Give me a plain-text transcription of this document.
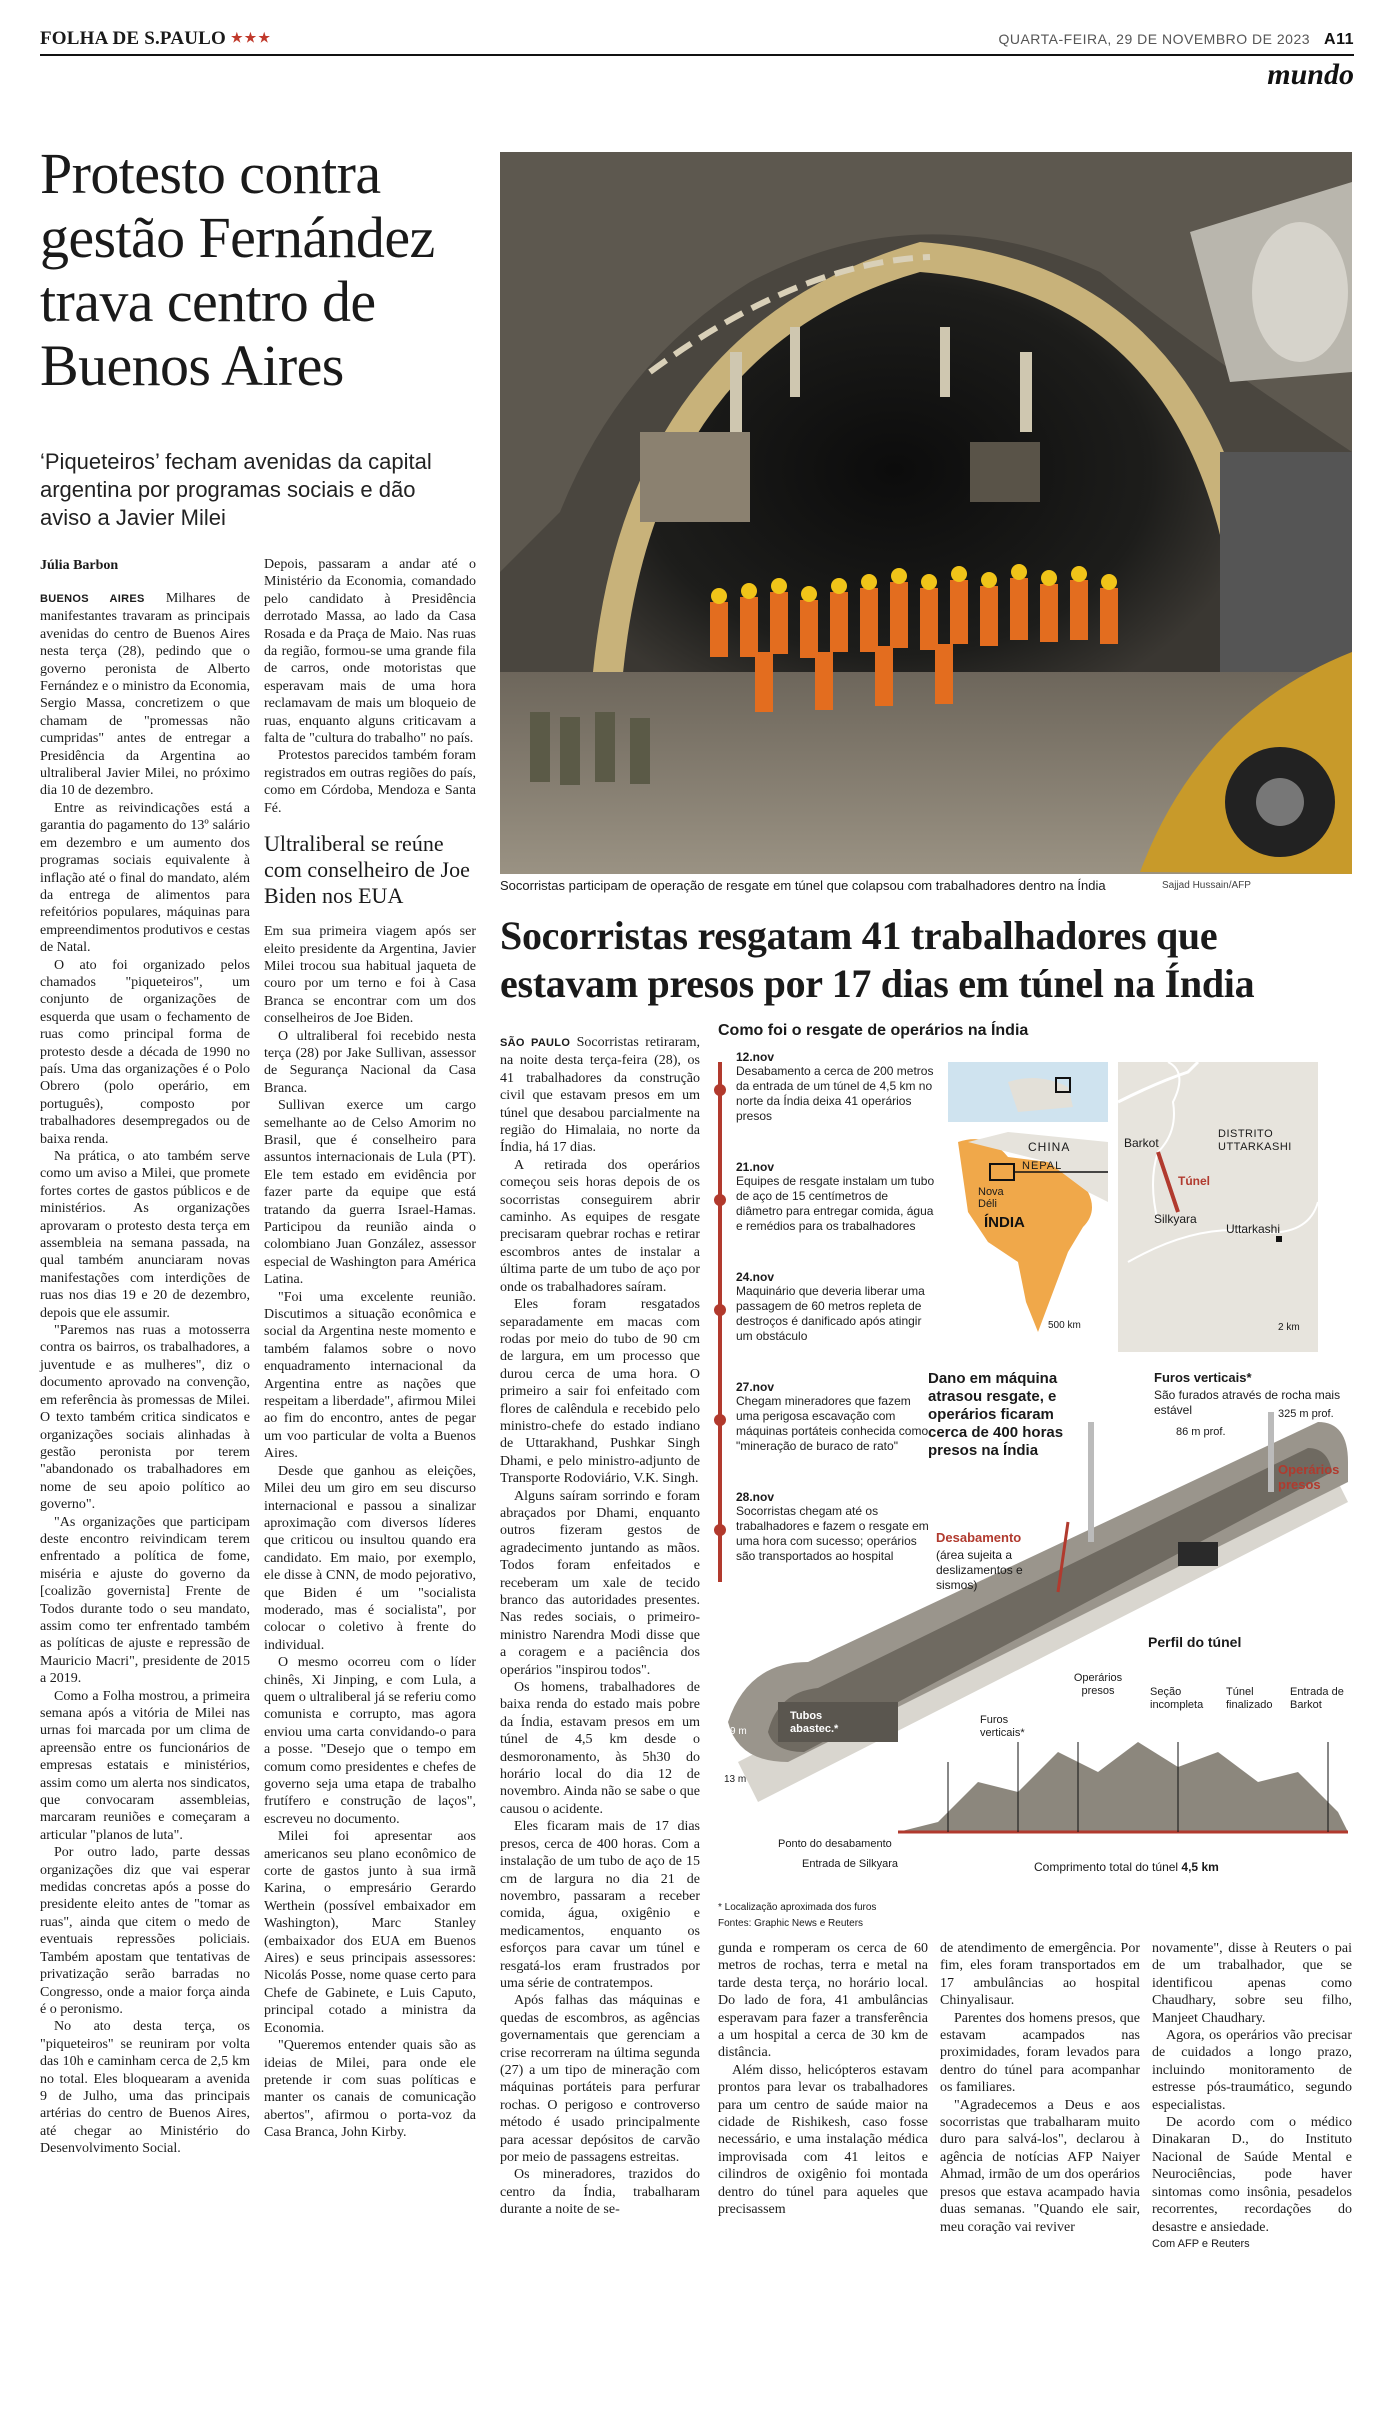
FOLHA DE S.PAULO ★★★	QUARTA-FEIRA, 29 DE NOVEMBRO DE 2023 A11
mundo
Protesto contra gestão Fernández trava centro de Buenos Aires
‘Piqueteiros’ fecham avenidas da capital argentina por programas sociais e dão aviso a Javier Milei
Júlia Barbon

BUENOS AIRES Milhares de manifestantes travaram as principais avenidas do centro de Buenos Aires nesta terça (28), pedindo que o governo peronista de Alberto Fernández e o ministro da Economia, Sergio Massa, concretizem o que chamam de "promessas não cumpridas" antes de entregar a Presidência da Argentina ao ultraliberal Javier Milei, no próximo dia 10 de dezembro.

Entre as reivindicações está a garantia do pagamento do 13º salário em dezembro e um aumento dos programas sociais equivalente à inflação até o final do mandato, além da entrega de alimentos para refeitórios populares, máquinas para empreendimentos produtivos e cestas de Natal.

O ato foi organizado pelos chamados "piqueteiros", um conjunto de organizações de esquerda que usam o fechamento de ruas como principal forma de protesto desde a década de 1990 no país. Uma das organizações é o Polo Obrero (polo operário, em português), composto por trabalhadores desempregados ou de baixa renda.

Na prática, o ato também serve como um aviso a Milei, que promete fortes cortes de gastos públicos e de ministérios. As organizações aprovaram o protesto desta terça em assembleia na semana passada, na qual também anunciaram novas manifestações com interdições de ruas nos dias 19 e 20 de dezembro, depois que ele assumir.

"Paremos nas ruas a motosserra contra os bairros, os trabalhadores, a juventude e as mulheres", diz o documento aprovado na convenção, em referência às promessas de Milei. O texto também critica sindicatos e organizações sociais alinhadas à gestão peronista por terem "abandonado os trabalhadores em nome de seu apoio político ao governo".

"As organizações que participam deste encontro reivindicam terem enfrentado a política de fome, miséria e ajuste do governo da [coalizão governista] Frente de Todos durante todo o seu mandato, assim como ter enfrentado também as políticas de ajuste e repressão de Mauricio Macri", presidente de 2015 a 2019.

Como a Folha mostrou, a primeira semana após a vitória de Milei nas urnas foi marcada por um clima de apreensão entre os funcionários de empresas estatais e ministérios, assim como um alerta nos sindicatos, que convocaram assembleias, marcaram reuniões e começaram a articular "planos de luta".

Por outro lado, parte dessas organizações diz que vai esperar medidas concretas após a posse do presidente eleito antes de "tomar as ruas", ainda que citem o medo de eventuais repressões policiais. Também apostam que tentativas de privatização serão barradas no Congresso, onde a maior força ainda é o peronismo.

No ato desta terça, os "piqueteiros" se reuniram por volta das 10h e caminham cerca de 2,5 km no total. Eles bloquearam a avenida 9 de Julho, uma das principais artérias do centro de Buenos Aires, até chegar ao Ministério do Desenvolvimento Social.

Depois, passaram a andar até o Ministério da Economia, comandado pelo candidato à Presidência derrotado Massa, ao lado da Casa Rosada e da Praça de Maio. Nas ruas da região, formou-se uma grande fila de carros, onde motoristas que esperavam mais de uma hora reclamavam de mais um bloqueio de ruas, enquanto alguns criticavam a falta de "cultura do trabalho" no país.

Protestos parecidos também foram registrados em outras regiões do país, como em Córdoba, Mendoza e Santa Fé.

Ultraliberal se reúne com conselheiro de Joe Biden nos EUA

Em sua primeira viagem após ser eleito presidente da Argentina, Javier Milei trocou sua habitual jaqueta de couro por um terno e foi à Casa Branca se encontrar com um dos conselheiros de Joe Biden.

O ultraliberal foi recebido nesta terça (28) por Jake Sullivan, assessor de Segurança Nacional da Casa Branca.

Sullivan exerce um cargo semelhante ao de Celso Amorim no Brasil, que é conselheiro para assuntos internacionais de Lula (PT). Ele tem estado em evidência por fazer parte da equipe que está tratando da guerra Israel-Hamas. Participou da reunião ainda o colombiano Juan González, assessor especial de Washington para América Latina.

"Foi uma excelente reunião. Discutimos a situação econômica e social da Argentina neste momento e também falamos sobre o novo enquadramento internacional da Argentina entre as nações que respeitam a liberdade", afirmou Milei ao fim do encontro, antes de pegar um voo particular de volta a Buenos Aires.

Desde que ganhou as eleições, Milei deu um giro em seu discurso internacional e passou a sinalizar aproximação com diversos líderes que criticou ou insultou quando era candidato. Em maio, por exemplo, ele disse à CNN, de modo pejorativo, que Biden é um "socialista moderado, mas é socialista", por colocar o coletivo à frente do individual.

O mesmo ocorreu com o líder chinês, Xi Jinping, e com Lula, a quem o ultraliberal já se referiu como comunista e corrupto, mas agora enviou uma carta convidando-o para a posse. "Desejo que o tempo em comum como presidentes e chefes de governo seja uma etapa de trabalho frutífero e construção de laços", escreveu no documento.

Milei foi apresentar aos americanos seu plano econômico de corte de gastos junto à sua irmã Karina, o empresário Gerardo Werthein (possível embaixador em Washington), Marc Stanley (embaixador dos EUA em Buenos Aires) e seus principais assessores: Nicolás Posse, nome quase certo para Chefe de Gabinete, e Luis Caputo, principal cotado a ministra da Economia.

"Queremos entender quais são as ideias de Milei, para onde ele pretende ir com suas políticas e manter os canais de comunicação abertos", afirmou o porta-voz da Casa Branca, John Kirby.

Socorristas participam de operação de resgate em túnel que colapsou com trabalhadores dentro na Índia	Sajjad Hussain/AFP
Socorristas resgatam 41 trabalhadores que estavam presos por 17 dias em túnel na Índia

SÃO PAULO Socorristas retiraram, na noite desta terça-feira (28), os 41 trabalhadores da construção civil que estavam presos em um túnel que desabou parcialmente na região do Himalaia, no norte da Índia, há 17 dias.

A retirada dos operários começou seis horas depois de os socorristas conseguirem abrir caminho. As equipes de resgate precisaram quebrar rochas e retirar escombros antes de instalar a última parte de um tubo de aço por onde os trabalhadores saíram.

Eles foram resgatados separadamente em macas com rodas por meio do tubo de 90 cm de largura, em um processo que durou cerca de uma hora. O primeiro a sair foi enfeitado com flores de calêndula e recebido pelo ministro-chefe do estado indiano de Uttarakhand, Pushkar Singh Dhami, e pelo ministro-adjunto de Transporte Rodoviário, V.K. Singh.

Alguns saíram sorrindo e foram abraçados por Dhami, enquanto outros fizeram gestos de agradecimento juntando as mãos. Todos foram enfeitados e receberam um xale de tecido branco das autoridades presentes. Nas redes sociais, o primeiro-ministro Narendra Modi disse que a coragem e a paciência dos operários "inspirou todos".

Os homens, trabalhadores de baixa renda do estado mais pobre da Índia, estavam presos em um túnel de 4,5 km desde o desmoronamento, às 5h30 do horário local do dia 12 de novembro. Ainda não se sabe o que causou o acidente.

Eles ficaram mais de 17 dias presos, cerca de 400 horas. Com a instalação de um tubo de aço de 15 cm de largura no dia 21 de novembro, passaram a receber comida, água, oxigênio e medicamentos, enquanto os esforços para cavar um túnel e resgatá-los eram frustrados por uma série de contratempos.

Após falhas das máquinas e quedas de escombros, as agências governamentais que gerenciam a crise recorreram na última segunda (27) a um tipo de mineração com máquinas portáteis para perfurar rochas. O perigoso e controverso método é usado principalmente para acessar depósitos de carvão por meio de passagens estreitas.

Os mineradores, trazidos do centro da Índia, trabalharam durante a noite de se-

Como foi o resgate de operários na Índia
12.nov
Desabamento a cerca de 200 metros da entrada de um túnel de 4,5 km no norte da Índia deixa 41 operários presos
21.nov
Equipes de resgate instalam um tubo de aço de 15 centímetros de diâmetro para entregar comida, água e remédios para os trabalhadores
24.nov
Maquinário que deveria liberar uma passagem de 60 metros repleta de destroços é danificado após atingir um obstáculo
27.nov
Chegam mineradores que fazem uma perigosa escavação com máquinas portáteis conhecida como "mineração de buraco de rato"
28.nov
Socorristas chegam até os trabalhadores e fazem o resgate em uma hora com sucesso; operários são transportados ao hospital
CHINA
NEPAL
ÍNDIA
Nova Déli
500 km
Barkot
DISTRITO UTTARKASHI
Túnel
Silkyara
Uttarkashi
2 km
Dano em máquina atrasou resgate, e operários ficaram cerca de 400 horas presos na Índia
Furos verticais*
São furados através de rocha mais estável
86 m prof.
325 m prof.
Operários presos
Desabamento
(área sujeita a deslizamentos e sismos)
Tubos abastec.*
9 m
13 m
Perfil do túnel
Operários presos
Furos verticais*
Seção incompleta
Túnel finalizado
Entrada de Barkot
Ponto do desabamento
Entrada de Silkyara	Comprimento total do túnel 4,5 km
* Localização aproximada dos furos
Fontes: Graphic News e Reuters

gunda e romperam os cerca de 60 metros de rochas, terra e metal na tarde desta terça, no horário local. Do lado de fora, 41 ambulâncias esperavam para fazer a transferência a um hospital a cerca de 30 km de distância.

Além disso, helicópteros estavam prontos para levar os trabalhadores para um centro de saúde maior na cidade de Rishikesh, caso fosse necessário, e uma instalação médica improvisada com 41 leitos e cilindros de oxigênio foi montada dentro do túnel para aqueles que precisassem

de atendimento de emergência. Por fim, eles foram transportados em 17 ambulâncias ao hospital Chinyalisaur.

Parentes dos homens presos, que estavam acampados nas proximidades, foram levados para dentro do túnel para acompanhar os familiares.

"Agradecemos a Deus e aos socorristas que trabalharam muito duro para salvá-los", declarou à agência de notícias AFP Naiyer Ahmad, irmão de um dos operários presos que estava acampado havia duas semanas. "Quando ele sair, meu coração vai reviver

novamente", disse à Reuters o pai de um trabalhador, que se identificou apenas como Chaudhary, sobre seu filho, Manjeet Chaudhary.

Agora, os operários vão precisar de cuidados a longo prazo, incluindo monitoramento de estresse pós-traumático, segundo especialistas.

De acordo com o médico Dinakaran D., do Instituto Nacional de Saúde Mental e Neurociências, pode haver sintomas como insônia, pesadelos recorrentes, recordações do desastre e ansiedade.

Com AFP e Reuters
